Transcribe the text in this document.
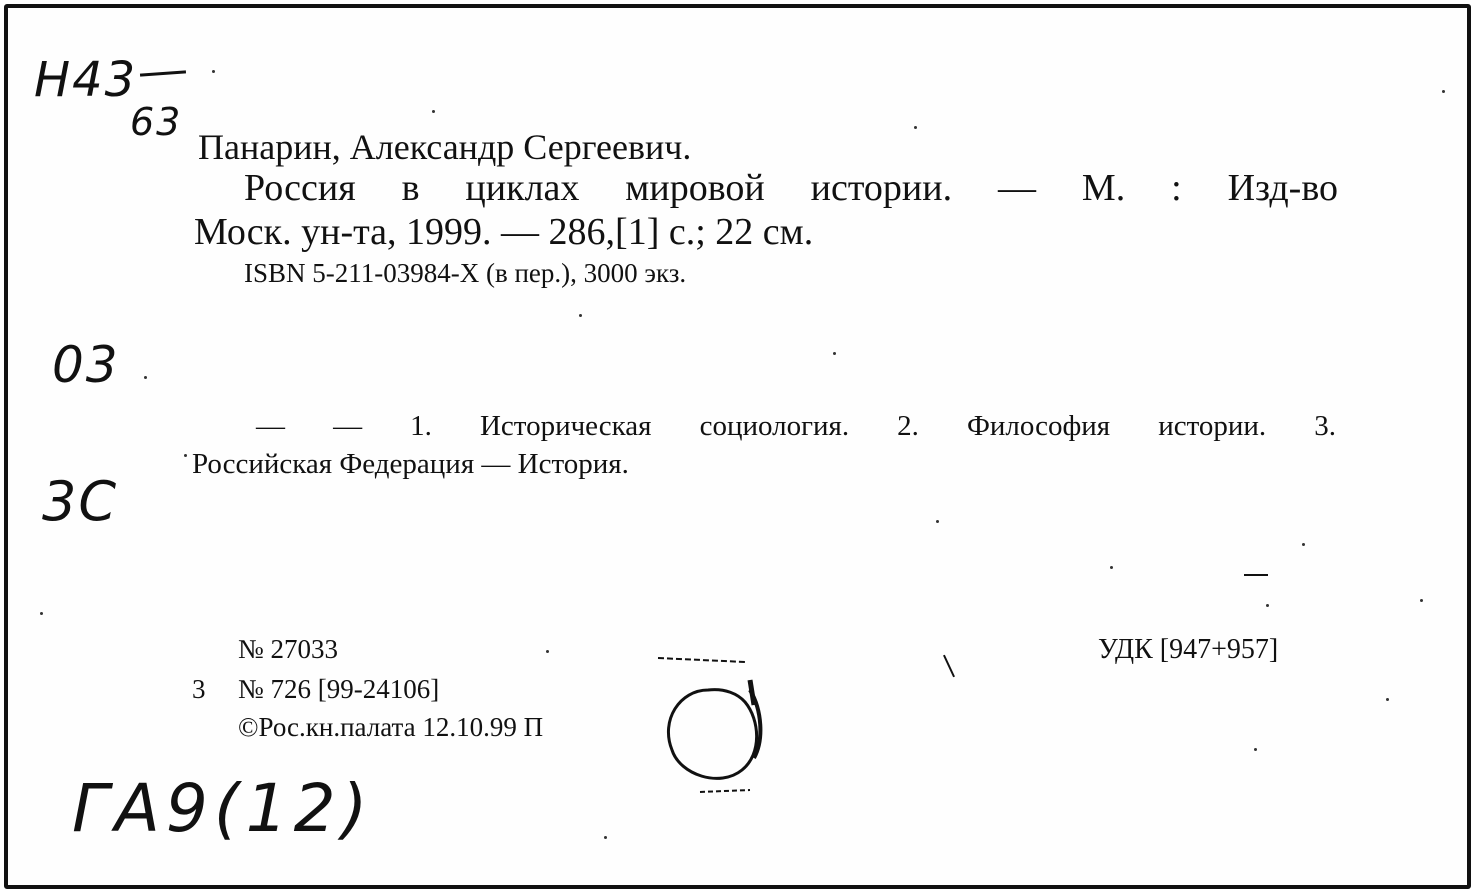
Н43
63
03
3С
ГА9(12)
Панарин, Александр Сергеевич.
Россия в циклах мировой истории. — М. : Изд-во
Моск. ун-та, 1999. — 286,[1] с.; 22 см.
ISBN 5-211-03984-X (в пер.), 3000 экз.
— — 1. Историческая социология. 2. Философия истории. 3.
Российская Федерация — История.
№ 27033
3 № 726 [99-24106]
©Рос.кн.палата 12.10.99 П
УДК [947+957]
